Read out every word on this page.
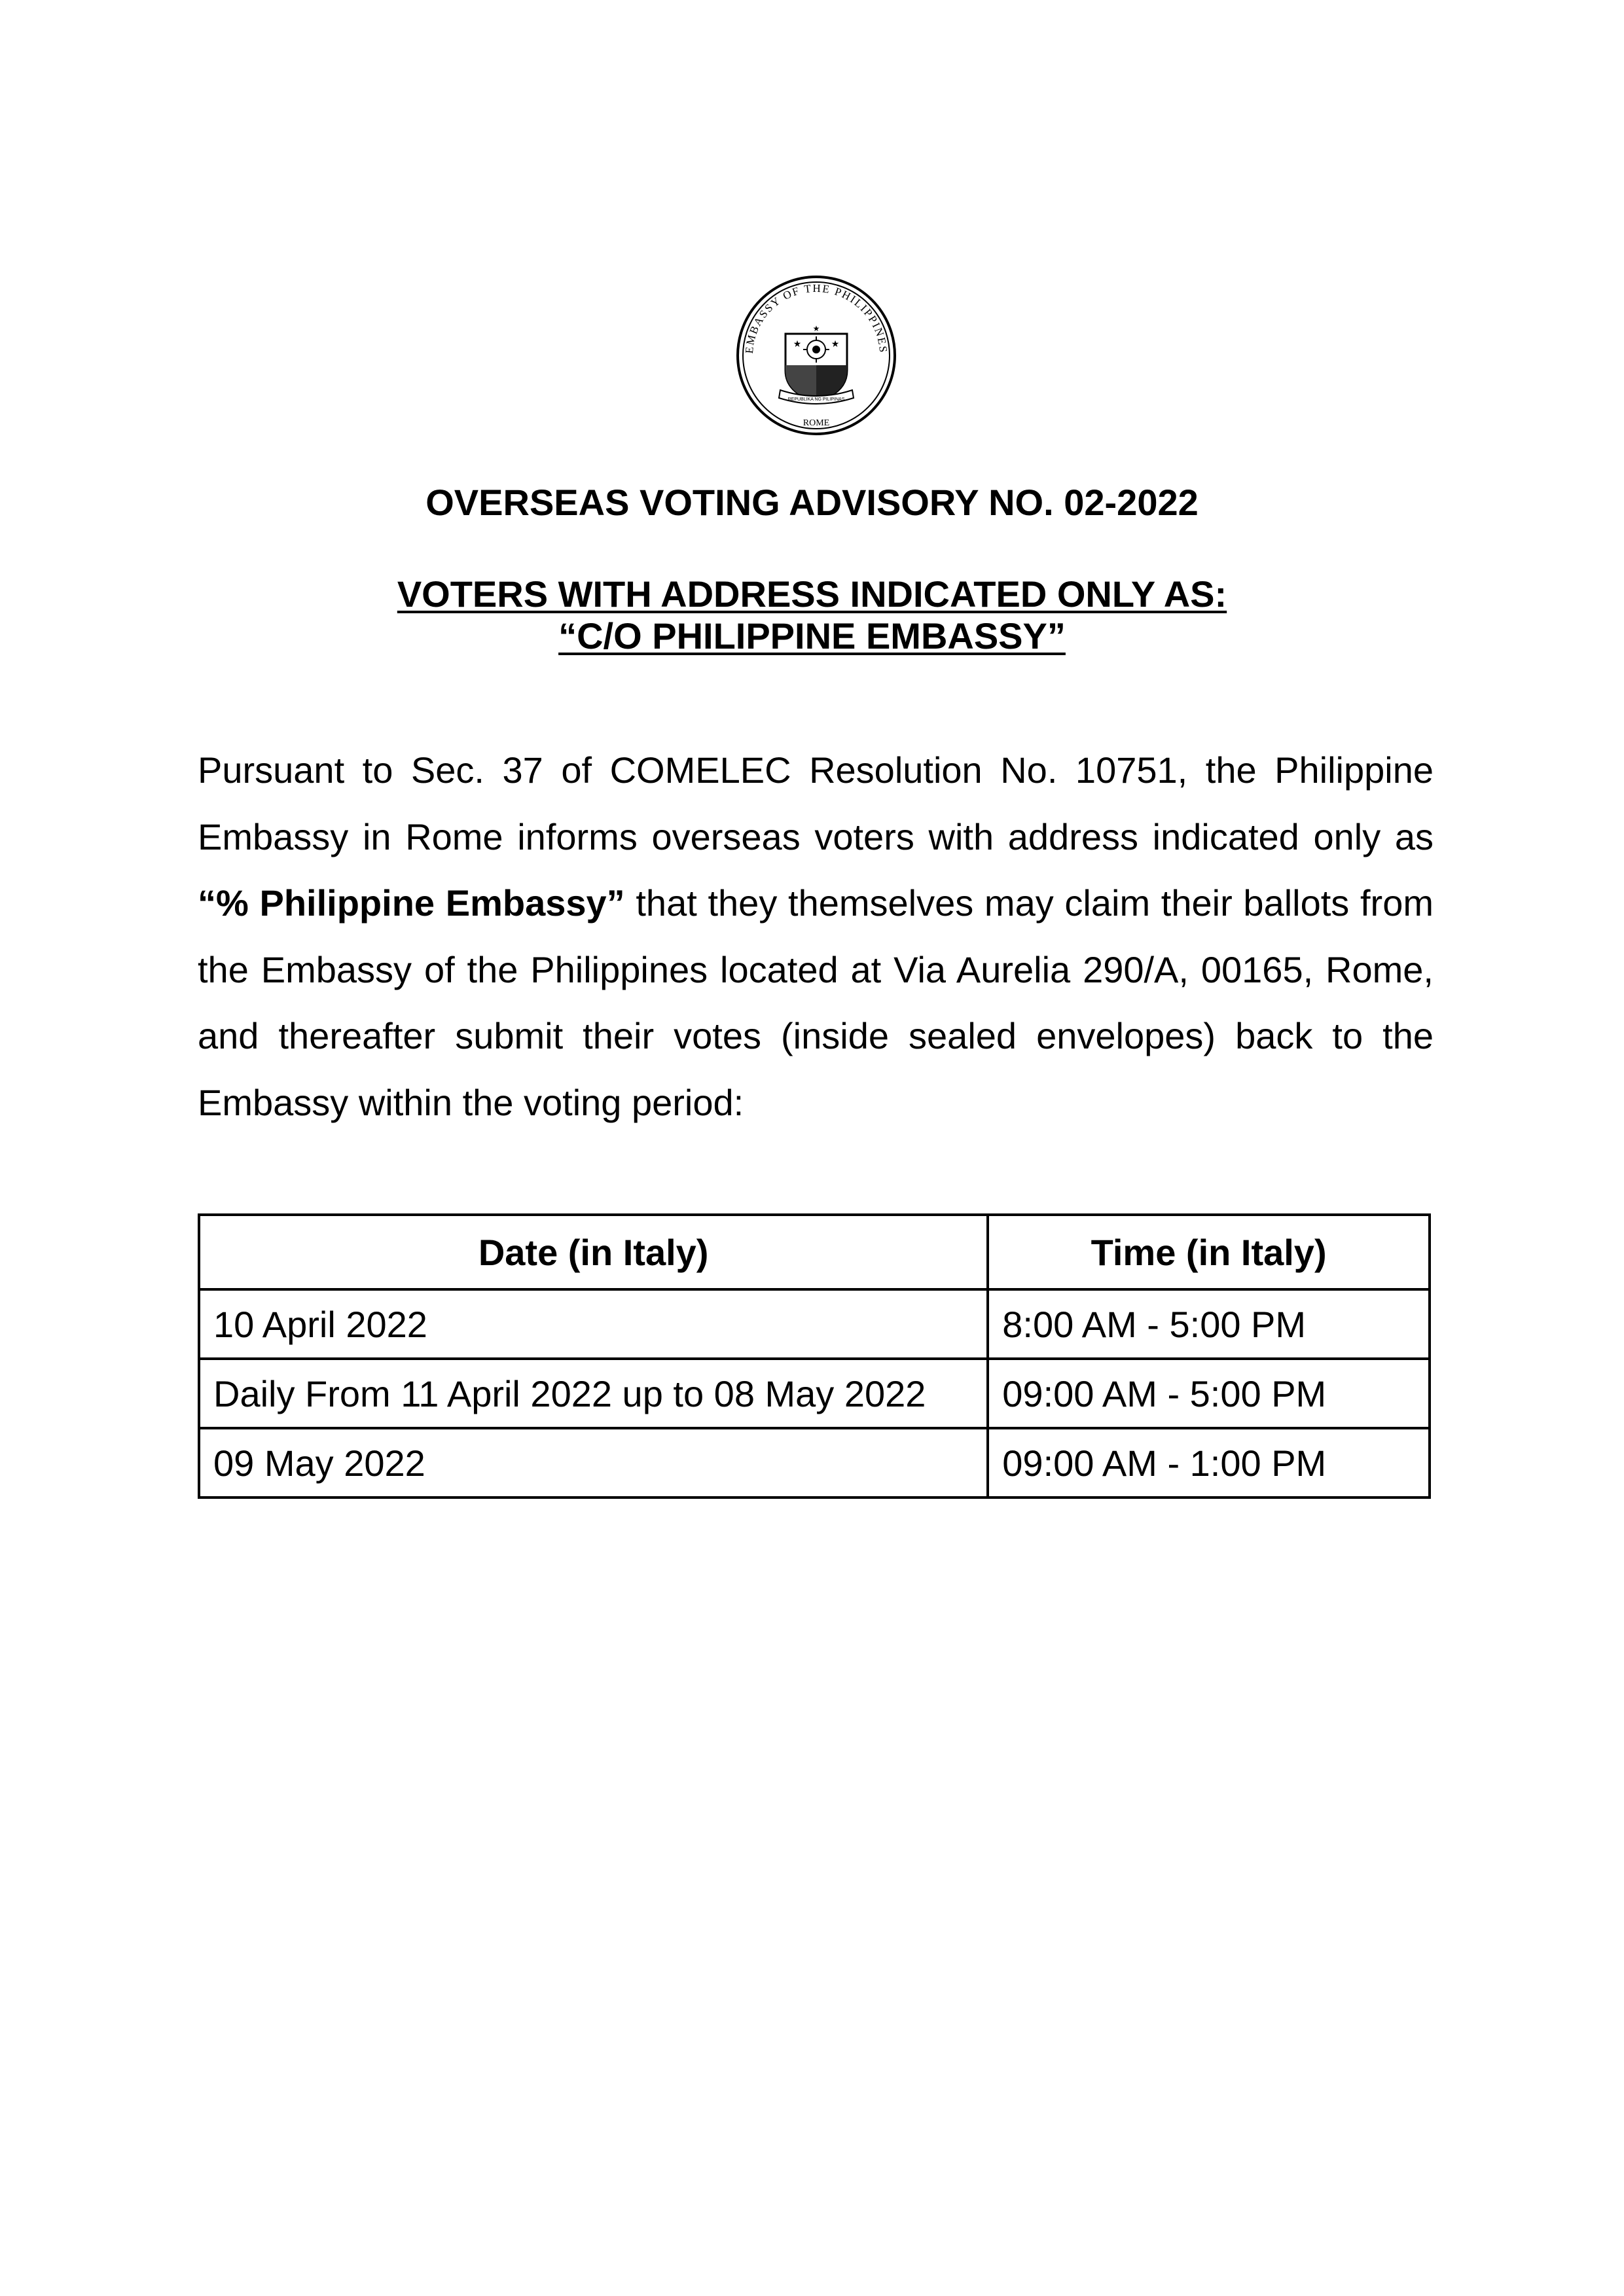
EMBASSY OF THE PHILIPPINES
ROME
★	★
★
REPUBLIKA NG PILIPINAS
OVERSEAS VOTING ADVISORY NO. 02-2022
VOTERS WITH ADDRESS INDICATED ONLY AS:
“C/O PHILIPPINE EMBASSY”
Pursuant to Sec. 37 of COMELEC Resolution No. 10751, the Philippine Embassy in Rome informs overseas voters with address indicated only as “% Philippine Embassy” that they themselves may claim their ballots from the Embassy of the Philippines located at Via Aurelia 290/A, 00165, Rome, and thereafter submit their votes (inside sealed envelopes) back to the Embassy within the voting period:
Date (in Italy)	Time (in Italy)
10 April 2022	8:00 AM - 5:00 PM
Daily From 11 April 2022 up to 08 May 2022	09:00 AM - 5:00 PM
09 May 2022	09:00 AM - 1:00 PM
